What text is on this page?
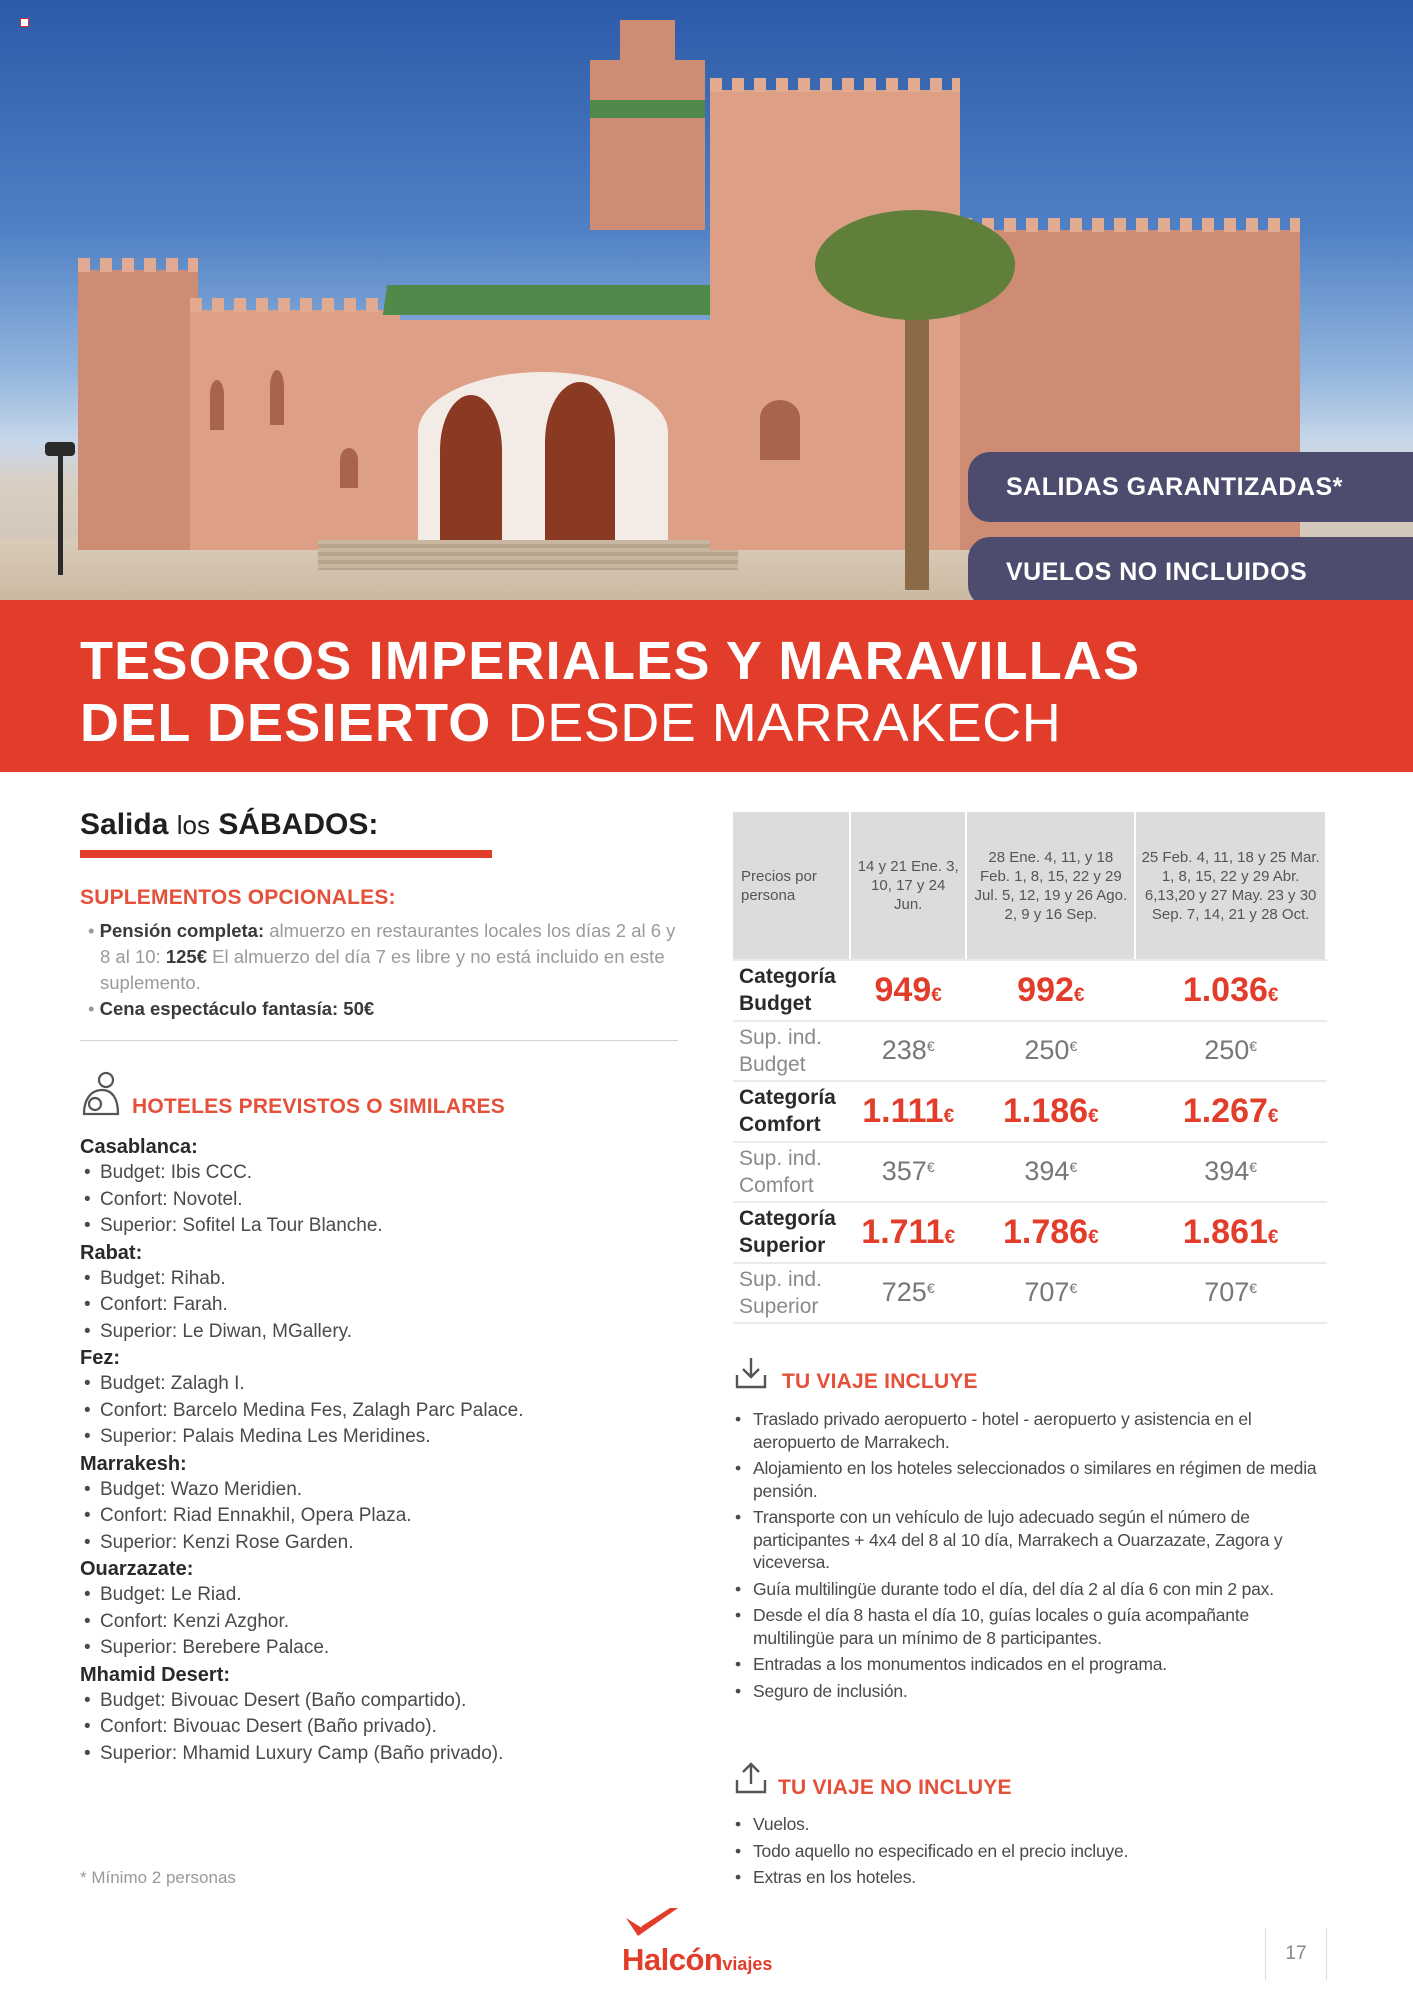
SALIDAS GARANTIZADAS*
VUELOS NO INCLUIDOS
TESOROS IMPERIALES Y MARAVILLAS
DEL DESIERTO DESDE MARRAKECH
Salida los SÁBADOS:
SUPLEMENTOS OPCIONALES:
• Pensión completa: almuerzo en restaurantes locales los días 2 al 6 y 8 al 10: 125€ El almuerzo del día 7 es libre y no está incluido en este suplemento.
• Cena espectáculo fantasía: 50€
HOTELES PREVISTOS O SIMILARES
Casablanca:
• Budget: Ibis CCC.
• Confort: Novotel.
• Superior: Sofitel La Tour Blanche.
Rabat:
• Budget: Rihab.
• Confort: Farah.
• Superior: Le Diwan, MGallery.
Fez:
• Budget: Zalagh I.
• Confort: Barcelo Medina Fes, Zalagh Parc Palace.
• Superior: Palais Medina Les Meridines.
Marrakesh:
• Budget: Wazo Meridien.
• Confort: Riad Ennakhil, Opera Plaza.
• Superior: Kenzi Rose Garden.
Ouarzazate:
• Budget: Le Riad.
• Confort: Kenzi Azghor.
• Superior: Berebere Palace.
Mhamid Desert:
• Budget: Bivouac Desert (Baño compartido).
• Confort: Bivouac Desert (Baño privado).
• Superior: Mhamid Luxury Camp (Baño privado).
* Mínimo 2 personas
Precios por persona	14 y 21 Ene. 3, 10, 17 y 24 Jun.	28 Ene. 4, 11, y 18 Feb. 1, 8, 15, 22 y 29 Jul. 5, 12, 19 y 26 Ago. 2, 9 y 16 Sep.	25 Feb. 4, 11, 18 y 25 Mar. 1, 8, 15, 22 y 29 Abr. 6,13,20 y 27 May. 23 y 30 Sep. 7, 14, 21 y 28 Oct.
Categoría Budget	949€	992€	1.036€
Sup. ind. Budget	238€	250€	250€
Categoría Comfort	1.111€	1.186€	1.267€
Sup. ind. Comfort	357€	394€	394€
Categoría Superior	1.711€	1.786€	1.861€
Sup. ind. Superior	725€	707€	707€
TU VIAJE INCLUYE
• Traslado privado aeropuerto - hotel - aeropuerto y asistencia en el aeropuerto de Marrakech.
• Alojamiento en los hoteles seleccionados o similares en régimen de media pensión.
• Transporte con un vehículo de lujo adecuado según el número de participantes + 4x4 del 8 al 10 día, Marrakech a Ouarzazate, Zagora y viceversa.
• Guía multilingüe durante todo el día, del día 2 al día 6 con min 2 pax.
• Desde el día 8 hasta el día 10, guías locales o guía acompañante multilingüe para un mínimo de 8 participantes.
• Entradas a los monumentos indicados en el programa.
• Seguro de inclusión.
TU VIAJE NO INCLUYE
• Vuelos.
• Todo aquello no especificado en el precio incluye.
• Extras en los hoteles.
Halcónviajes	17
